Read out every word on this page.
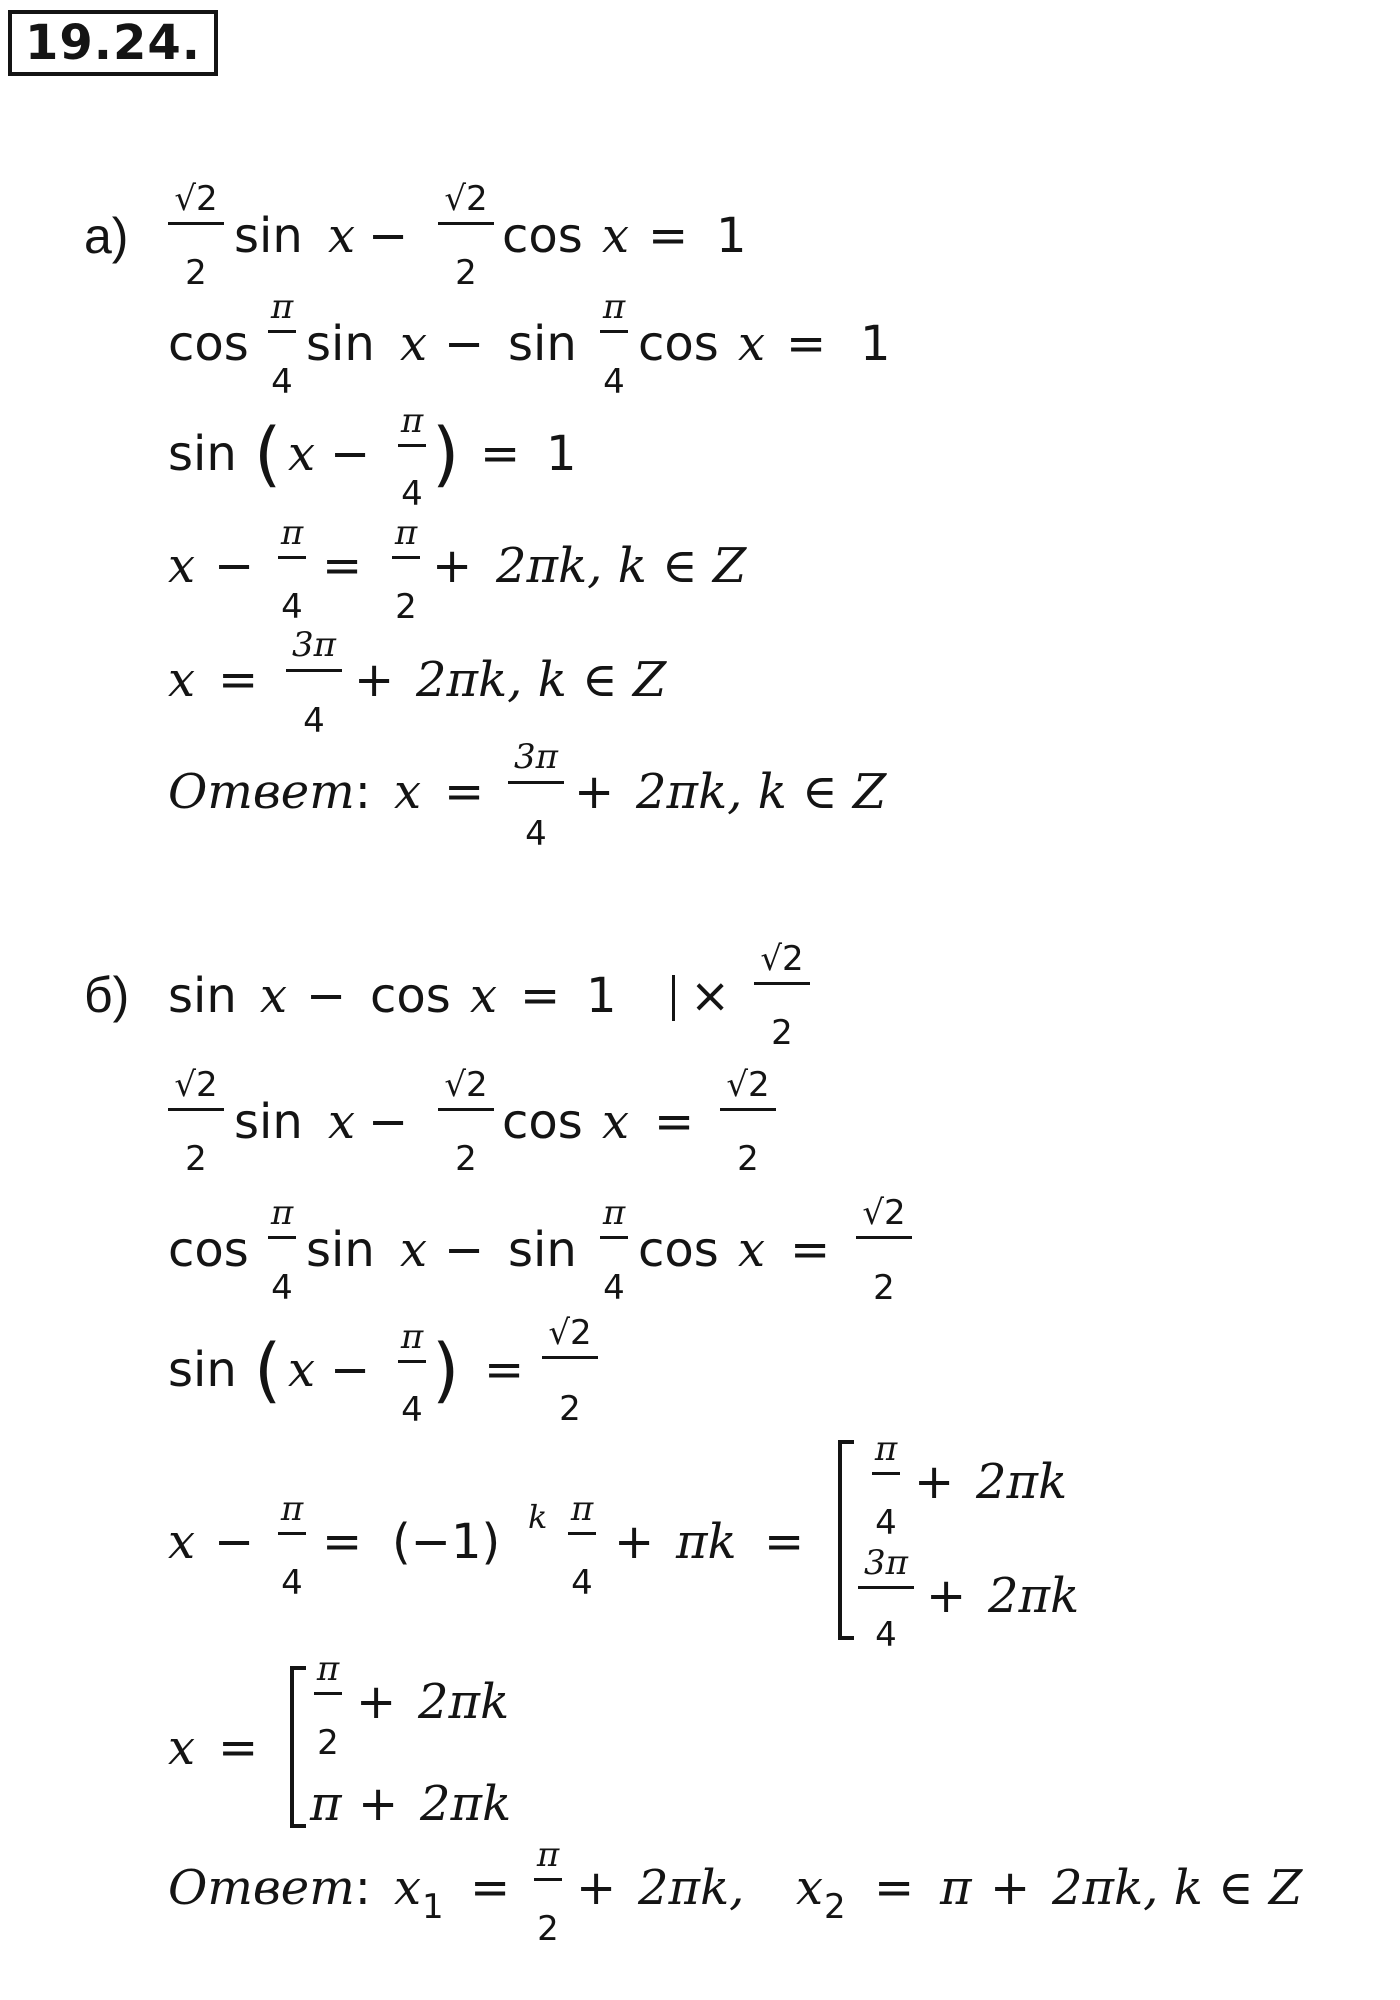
19.24.
а)
√2
2
sin x −
√2
2
cos x = 1
cos
π
4
sin x − sin
π
4
cos x = 1
sin ( x −
π
4 ) = 1
x −
π
4
=
π
2
+ 2πk, k ∈ Z
x =
3π
4
+ 2πk, k ∈ Z
Ответ: x =
3π
4
+ 2πk, k ∈ Z
б) sin x − cos x = 1 ×
√2
2
√2
2
sin x −
√2
2
cos x =
√2
2
cos
π
4
sin x − sin
π
4
cos x =
√2
2
sin ( x −
π
4 ) =
√2
2
x −
π
4
= (−1) k π
4
+ πk =
π
4
+ 2πk
3π
4
+ 2πk
x =
π
2
+ 2πk
π + 2πk
Ответ: x 1 =
π
2
+ 2πk, x 2 = π + 2πk, k ∈ Z
